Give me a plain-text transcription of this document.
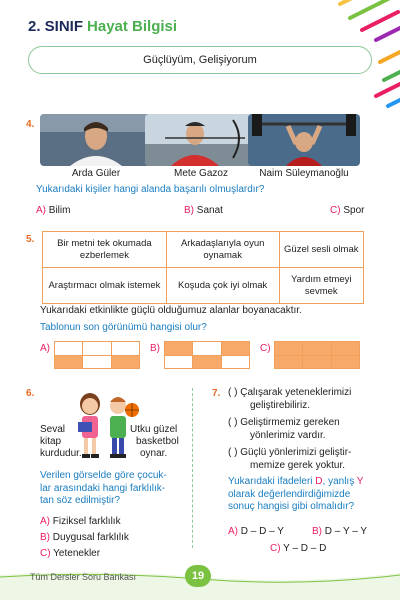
2. SINIF Hayat Bilgisi
Güçlüyüm, Gelişiyorum
4.
Arda Güler	Mete Gazoz	Naim Süleymanoğlu
Yukarıdaki kişiler hangi alanda başarılı olmuşlardır?
A) Bilim	B) Sanat	C) Spor
5. Bir metni tek okumada ezberlemek	Arkadaşlarıyla oyun oynamak	Güzel sesli olmak
Araştırmacı olmak istemek	Koşuda çok iyi olmak	Yardım etmeyi sevmek
Yukarıdaki etkinlikte güçlü olduğumuz alanlar boyanacaktır.
Tablonun son görünümü hangisi olur?
A)

			B)

			C)

6.
Seval
kitap
kurdudur.
Utku güzel
basketbol
oynar.
Verilen görselde göre çocuk-
lar arasındaki hangi farklılık-
tan söz edilmiştir?
A) Fiziksel farklılık
B) Duygusal farklılık
C) Yetenekler
7. ( ) Çalışarak yeteneklerimizi
geliştirebiliriz.
( ) Geliştirmemiz gereken
yönlerimiz vardır.
( ) Güçlü yönlerimizi geliştir-
memize gerek yoktur.
Yukarıdaki ifadeleri D, yanlış Y
olarak değerlendirdiğimizde
sonuç hangisi gibi olmalıdır?
A) D – D – Y	B) D – Y – Y
C) Y – D – D
Tüm Dersler Soru Bankası	19
